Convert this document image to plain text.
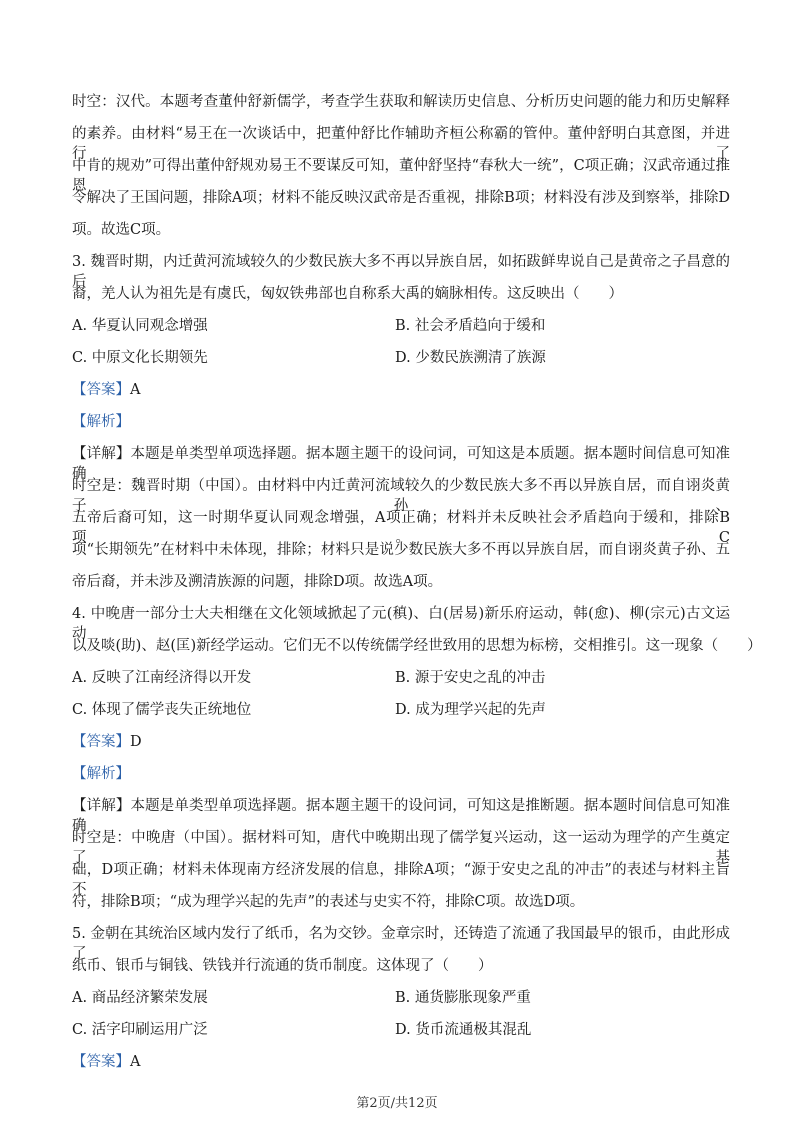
时空：汉代。本题考查董仲舒新儒学，考查学生获取和解读历史信息、分析历史问题的能力和历史解释
的素养。由材料“易王在一次谈话中，把董仲舒比作辅助齐桓公称霸的管仲。董仲舒明白其意图，并进行了
中肯的规劝”可得出董仲舒规劝易王不要谋反可知，董仲舒坚持“春秋大一统”，C项正确；汉武帝通过推恩
令解决了王国问题，排除A项；材料不能反映汉武帝是否重视，排除B项；材料没有涉及到察举，排除D
项。故选C项。
3. 魏晋时期，内迁黄河流域较久的少数民族大多不再以异族自居，如拓跋鲜卑说自己是黄帝之子昌意的后
裔，羌人认为祖先是有虞氏，匈奴铁弗部也自称系大禹的嫡脉相传。这反映出（　　）
A. 华夏认同观念增强	B. 社会矛盾趋向于缓和
C. 中原文化长期领先	D. 少数民族溯清了族源
【答案】A
【解析】
【详解】本题是单类型单项选择题。据本题主题干的设问词，可知这是本质题。据本题时间信息可知准确
时空是：魏晋时期（中国）。由材料中内迁黄河流域较久的少数民族大多不再以异族自居，而自诩炎黄子孙、
五帝后裔可知，这一时期华夏认同观念增强，A项正确；材料并未反映社会矛盾趋向于缓和，排除B项。C
项“长期领先”在材料中未体现，排除；材料只是说少数民族大多不再以异族自居，而自诩炎黄子孙、五
帝后裔，并未涉及溯清族源的问题，排除D项。故选A项。
4. 中晚唐一部分士大夫相继在文化领域掀起了元(稹)、白(居易)新乐府运动，韩(愈)、柳(宗元)古文运动
以及啖(助)、赵(匡)新经学运动。它们无不以传统儒学经世致用的思想为标榜，交相推引。这一现象（　　）
A. 反映了江南经济得以开发	B. 源于安史之乱的冲击
C. 体现了儒学丧失正统地位	D. 成为理学兴起的先声
【答案】D
【解析】
【详解】本题是单类型单项选择题。据本题主题干的设问词，可知这是推断题。据本题时间信息可知准确
时空是：中晚唐（中国）。据材料可知，唐代中晚期出现了儒学复兴运动，这一运动为理学的产生奠定了基
础，D项正确；材料未体现南方经济发展的信息，排除A项；“源于安史之乱的冲击”的表述与材料主旨不
符，排除B项；“成为理学兴起的先声”的表述与史实不符，排除C项。故选D项。
5. 金朝在其统治区域内发行了纸币，名为交钞。金章宗时，还铸造了流通了我国最早的银币，由此形成了
纸币、银币与铜钱、铁钱并行流通的货币制度。这体现了（　　）
A. 商品经济繁荣发展	B. 通货膨胀现象严重
C. 活字印刷运用广泛	D. 货币流通极其混乱
【答案】A
第2页/共12页
